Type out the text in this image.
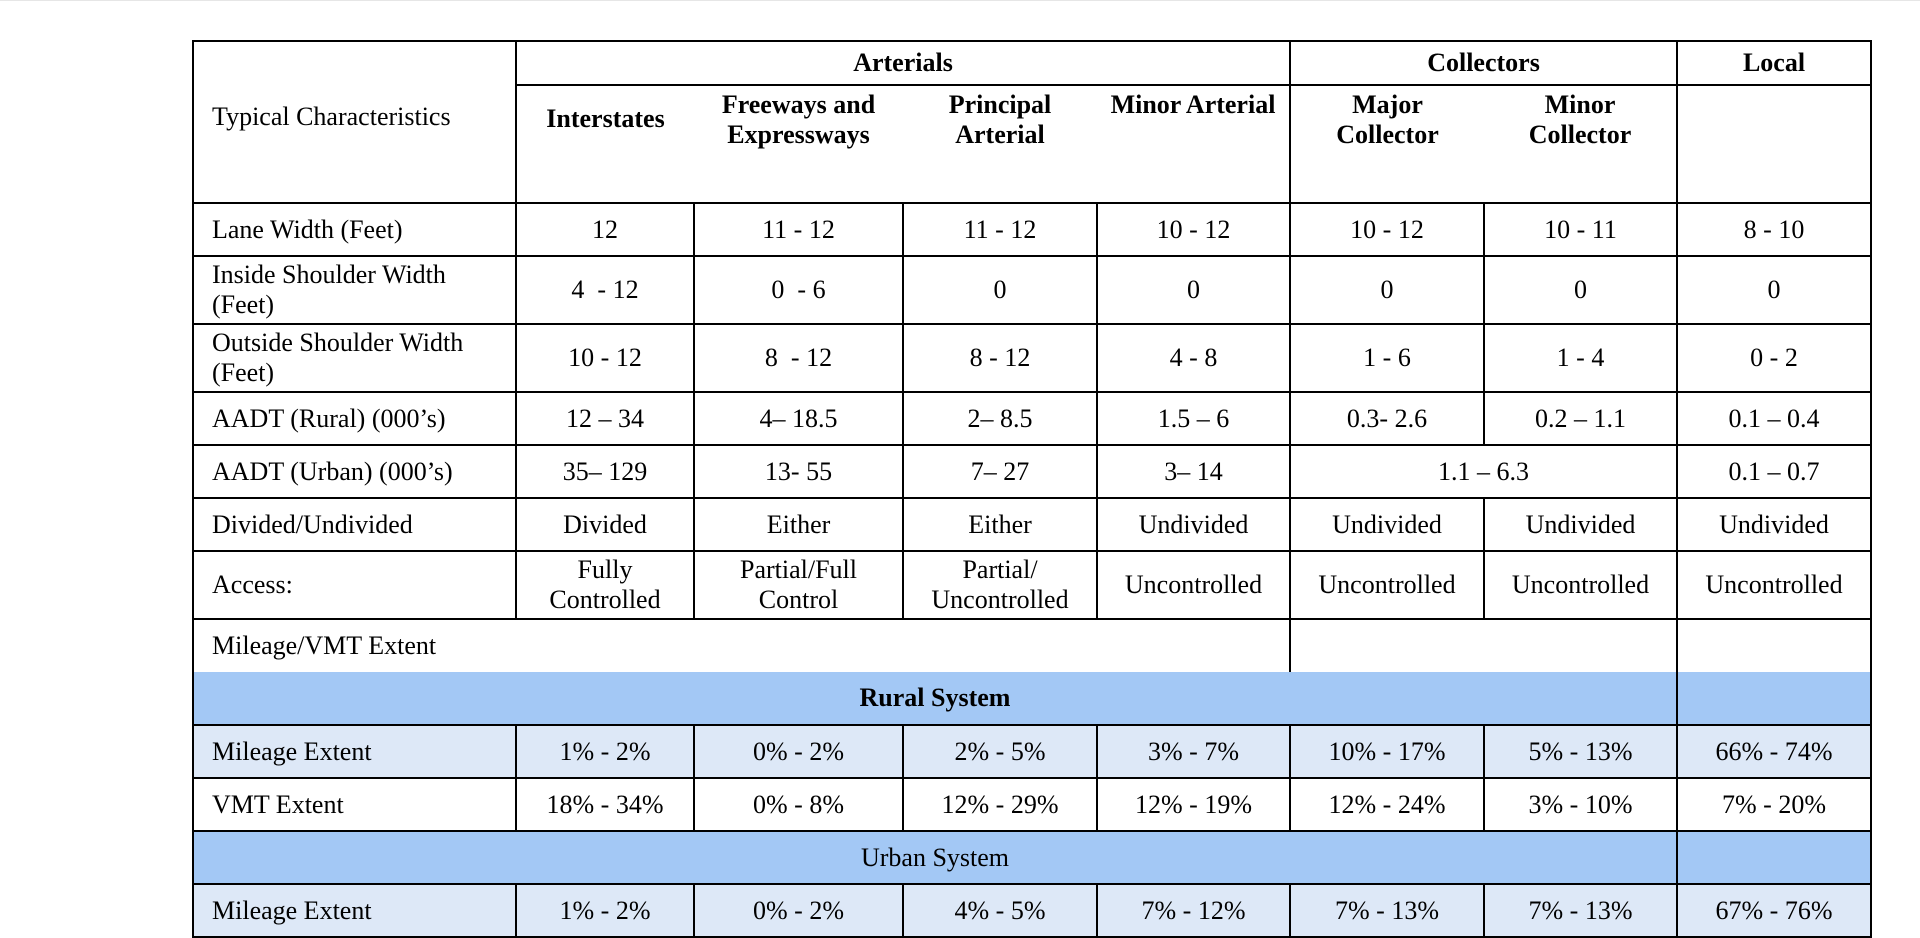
Typical Characteristics	Arterials				Collectors		Local
	Interstates	Freeways and Expressways	Principal Arterial	Minor Arterial	Major Collector	Minor Collector	
Lane Width (Feet)	12	11 - 12	11 - 12	10 - 12	10 - 12	10 - 11	8 - 10
Inside Shoulder Width (Feet)	4  - 12	0  - 6	0	0	0	0	0
Outside Shoulder Width (Feet)	10 - 12	8  - 12	8 - 12	4 - 8	1 - 6	1 - 4	0 - 2
AADT (Rural) (000’s)	12 – 34	4– 18.5	2– 8.5	1.5 – 6	0.3- 2.6	0.2 – 1.1	0.1 – 0.4
AADT (Urban) (000’s)	35– 129	13- 55	7– 27	3– 14	1.1 – 6.3		0.1 – 0.7
Divided/Undivided	Divided	Either	Either	Undivided	Undivided	Undivided	Undivided
Access:	Fully Controlled	Partial/Full Control	Partial/ Uncontrolled	Uncontrolled	Uncontrolled	Uncontrolled	Uncontrolled
Mileage/VMT Extent							
Rural System							
Mileage Extent	1% - 2%	0% - 2%	2% - 5%	3% - 7%	10% - 17%	5% - 13%	66% - 74%
VMT Extent	18% - 34%	0% - 8%	12% - 29%	12% - 19%	12% - 24%	3% - 10%	7% - 20%
Urban System							
Mileage Extent	1% - 2%	0% - 2%	4% - 5%	7% - 12%	7% - 13%	7% - 13%	67% - 76%
